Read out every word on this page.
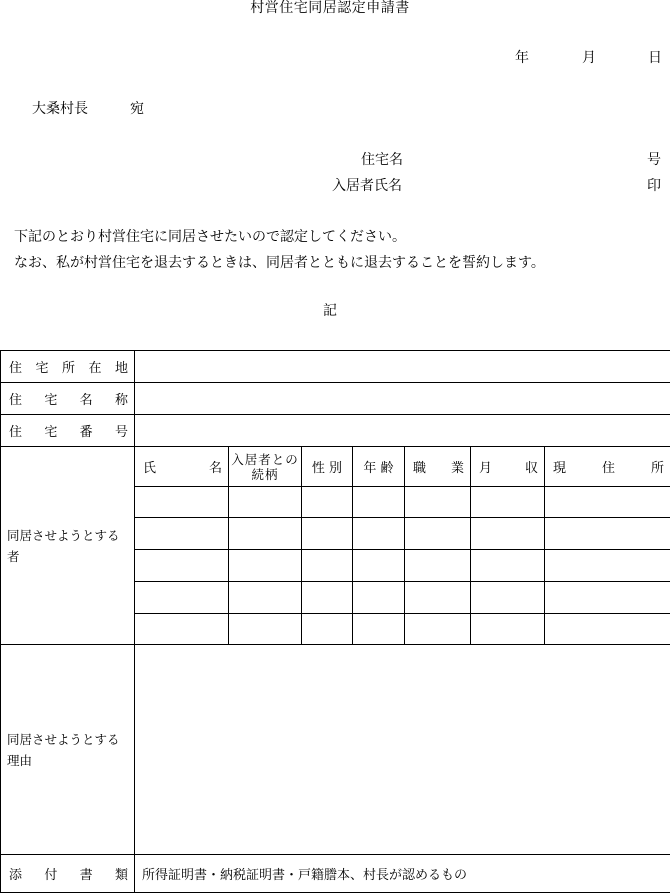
村営住宅同居認定申請書
年	月	日
大桑村長	宛
住宅名	号
入居者氏名	印
下記のとおり村営住宅に同居させたいので認定してください。
なお、私が村営住宅を退去するときは、同居者とともに退去することを誓約します。
記
住 宅 所 在 地							

住 宅 名 称							

住 宅 番 号							

同居させようとする者	氏 名	入居者との続柄	性 別	年 齢	職 業	月 収	現 住 所

同居させようとする理由							

添 付 書 類	所得証明書・納税証明書・戸籍謄本、村長が認めるもの						
